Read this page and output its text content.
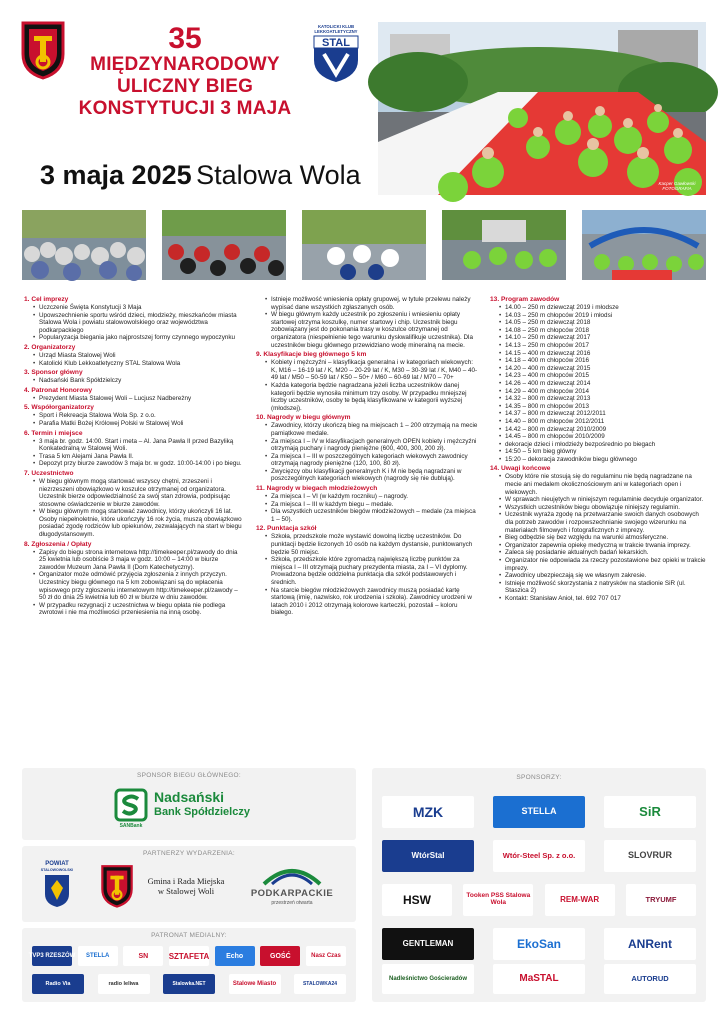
35
MIĘDZYNARODOWY
ULICZNY BIEG
KONSTYTUCJI 3 MAJA
3 maja 2025 Stalowa Wola
KATOLICKI KLUB LEKKOATLETYCZNY
STAL
Kacper Gawłowski FOTOGRAFIA
1. Cel imprezy
• Uczczenie Święta Konstytucji 3 Maja
• Upowszechnienie sportu wśród dzieci, młodzieży, mieszkańców miasta Stalowa Wola i powiatu stalowowolskiego oraz województwa podkarpackiego
• Popularyzacja biegania jako najprostszej formy czynnego wypoczynku
2. Organizatorzy
• Urząd Miasta Stalowej Woli
• Katolicki Klub Lekkoatletyczny STAL Stalowa Wola
3. Sponsor główny
• Nadsański Bank Spółdzielczy
4. Patronat Honorowy
• Prezydent Miasta Stalowej Woli – Lucjusz Nadbereżny
5. Współorganizatorzy
• Sport i Rekreacja Stalowa Wola Sp. z o.o.
• Parafia Matki Bożej Królowej Polski w Stalowej Woli
6. Termin i miejsce
• 3 maja br. godz. 14:00. Start i meta – Al. Jana Pawła II przed Bazyliką Konkatedralną w Stalowej Woli.
• Trasa 5 km Alejami Jana Pawła II.
• Depozyt przy biurze zawodów 3 maja br. w godz. 10:00-14:00 i po biegu.
7. Uczestnictwo
• W biegu głównym mogą startować wszyscy chętni, zrzeszeni i niezrzeszeni obowiązkowo w koszulce otrzymanej od organizatora. Uczestnik bierze odpowiedzialność za swój stan zdrowia, podpisując stosowne oświadczenie w biurze zawodów.
• W biegu głównym mogą startować zawodnicy, którzy ukończyli 16 lat. Osoby niepełnoletnie, które ukończyły 16 rok życia, muszą obowiązkowo posiadać zgodę rodziców lub opiekunów, zezwalających na start w biegu długodystansowym.
8. Zgłoszenia / Opłaty
• Zapisy do biegu strona internetowa http://timekeeper.pl/zawody do dnia 25 kwietnia lub osobiście 3 maja w godz. 10:00 – 14:00 w biurze zawodów Muzeum Jana Pawła II (Dom Katechetyczny).
• Organizator może odmówić przyjęcia zgłoszenia z innych przyczyn. Uczestnicy biegu głównego na 5 km zobowiązani są do wpłacenia wpisowego przy zgłoszeniu internetowym http://timekeeper.pl/zawody – 50 zł do dnia 25 kwietnia lub 60 zł w biurze w dniu zawodów.
• W przypadku rezygnacji z uczestnictwa w biegu opłata nie podlega zwrotowi i nie ma możliwości przeniesienia na inną osobę.
• Istnieje możliwość wniesienia opłaty grupowej, w tytule przelewu należy wypisać dane wszystkich zgłaszanych osób.
• W biegu głównym każdy uczestnik po zgłoszeniu i wniesieniu opłaty startowej otrzyma koszulkę, numer startowy i chip. Uczestnik biegu zobowiązany jest do pokonania trasy w koszulce otrzymanej od organizatora (niespełnienie tego warunku dyskwalifikuje uczestnika). Dla uczestników biegu głównego przewidziano wodę mineralną na mecie.
9. Klasyfikacje bieg głównego 5 km
• Kobiety i mężczyźni – klasyfikacja generalna i w kategoriach wiekowych: K, M16 – 16-19 lat / K, M20 – 20-29 lat / K, M30 – 30-39 lat / K, M40 – 40-49 lat / M50 – 50-59 lat / K50 – 50+ / M60 – 60-69 lat / M70 – 70+
• Każda kategoria będzie nagradzana jeżeli liczba uczestników danej kategorii będzie wynosiła minimum trzy osoby. W przypadku mniejszej liczby uczestników, osoby te będą klasyfikowane w kategorii wyższej (młodszej).
10. Nagrody w biegu głównym
• Zawodnicy, którzy ukończą bieg na miejscach 1 – 200 otrzymają na mecie pamiątkowe medale.
• Za miejsca I – IV w klasyfikacjach generalnych OPEN kobiety i mężczyźni otrzymają puchary i nagrody pieniężne (600, 400, 300, 200 zł).
• Za miejsca I – III w poszczególnych kategoriach wiekowych zawodnicy otrzymają nagrody pieniężne (120, 100, 80 zł).
• Zwycięzcy obu klasyfikacji generalnych K i M nie będą nagradzani w poszczególnych kategoriach wiekowych (nagrody się nie dublują).
11. Nagrody w biegach młodzieżowych
• Za miejsca I – VI (w każdym roczniku) – nagrody.
• Za miejsca I – III w każdym biegu – medale.
• Dla wszystkich uczestników biegów młodzieżowych – medale (za miejsca 1 – 50).
12. Punktacja szkół
• Szkoła, przedszkole może wystawić dowolną liczbę uczestników. Do punktacji będzie liczonych 10 osób na każdym dystansie, punktowanych będzie 50 miejsc.
• Szkoła, przedszkole które zgromadzą największą liczbę punktów za miejsca I – III otrzymają puchary prezydenta miasta, za I – VI dyplomy. Prowadzona będzie oddzielna punktacja dla szkół podstawowych i średnich.
• Na starcie biegów młodzieżowych zawodnicy muszą posiadać kartę startową (imię, nazwisko, rok urodzenia i szkoła). Zawodnicy urodzeni w latach 2010 i 2012 otrzymają kolorowe karteczki, pozostali – koloru białego.
13. Program zawodów
• 14.00 – 250 m dziewcząt 2019 i młodsze
• 14.03 – 250 m chłopców 2019 i młodsi
• 14.05 – 250 m dziewcząt 2018
• 14.08 – 250 m chłopców 2018
• 14.10 – 250 m dziewcząt 2017
• 14.13 – 250 m chłopców 2017
• 14.15 – 400 m dziewcząt 2016
• 14.18 – 400 m chłopców 2016
• 14.20 – 400 m dziewcząt 2015
• 14.23 – 400 m chłopców 2015
• 14.26 – 400 m dziewcząt 2014
• 14.29 – 400 m chłopców 2014
• 14.32 – 800 m dziewcząt 2013
• 14.35 – 800 m chłopców 2013
• 14.37 – 800 m dziewcząt 2012/2011
• 14.40 – 800 m chłopców 2012/2011
• 14.42 – 800 m dziewcząt 2010/2009
• 14.45 – 800 m chłopców 2010/2009
• dekoracje dzieci i młodzieży bezpośrednio po biegach
• 14:50 – 5 km bieg główny
• 15:20 – dekoracja zawodników biegu głównego
14. Uwagi końcowe
• Osoby które nie stosują się do regulaminu nie będą nagradzane na mecie ani medalem okolicznościowym ani w kategoriach open i wiekowych.
• W sprawach nieujętych w niniejszym regulaminie decyduje organizator.
• Wszystkich uczestników biegu obowiązuje niniejszy regulamin.
• Uczestnik wyraża zgodę na przetwarzanie swoich danych osobowych dla potrzeb zawodów i rozpowszechnianie swojego wizerunku na materiałach filmowych i fotograficznych z imprezy.
• Bieg odbędzie się bez względu na warunki atmosferyczne.
• Organizator zapewnia opiekę medyczną w trakcie trwania imprezy.
• Zaleca się posiadanie aktualnych badań lekarskich.
• Organizator nie odpowiada za rzeczy pozostawione bez opieki w trakcie imprezy.
• Zawodnicy ubezpieczają się we własnym zakresie.
• Istnieje możliwość skorzystania z natrysków na stadionie SiR (ul. Staszica 2)
• Kontakt: Stanisław Anioł, tel. 692 707 017
SPONSOR BIEGU GŁÓWNEGO:
SANBank
Nadsański
Bank Spółdzielczy
PARTNERZY WYDARZENIA:
POWIAT
STALOWOWOLSKI
Gmina i Rada Miejska
w Stalowej Woli	PODKARPACKIE
przestrzeń otwarta
PATRONAT MEDIALNY:
TVP3 RZESZÓW	STELLA	SN	SZTAFETA	Echo	GOŚĆ	Nasz Czas
Radio Via	radio leliwa	Stalowka.NET	Stalowe Miasto	STALOWKA24
SPONSORZY:
MZK	STELLA	SiR
WtórStal	Wtór-Steel Sp. z o.o.	SLOVRUR
HSW	Tooken PSS Stalowa Wola	REM-WAR	TRYUMF
GENTLEMAN	EkoSan	ANRent
Nadleśnictwo Gościeradów	MaSTAL	AUTORUD
